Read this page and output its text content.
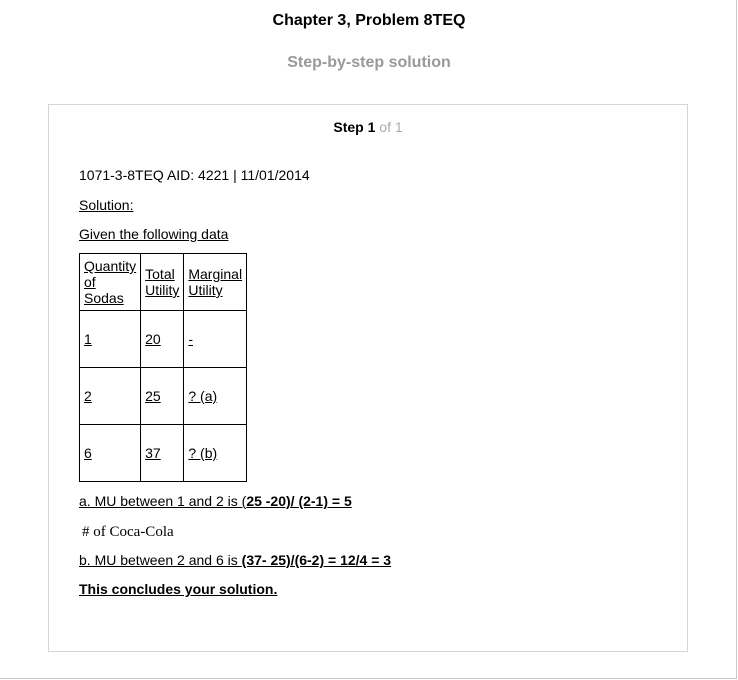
Chapter 3, Problem 8TEQ
Step-by-step solution
Step 1 of 1
1071-3-8TEQ AID: 4221 | 11/01/2014
Solution:
Given the following data
Quantity of Sodas	Total Utility	Marginal Utility
1	20	-
2	25	? (a)
6	37	? (b)
a. MU between 1 and 2 is (25 -20)/ (2-1) = 5
# of Coca-Cola
b. MU between 2 and 6 is (37- 25)/(6-2) = 12/4 = 3
This concludes your solution.
